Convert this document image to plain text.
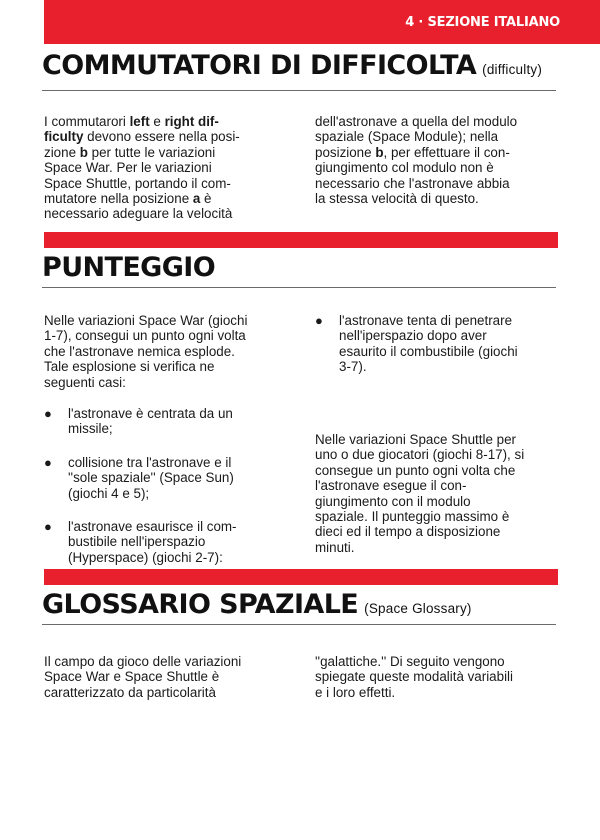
4 · SEZIONE ITALIANO
COMMUTATORI DI DIFFICOLTA (difficulty)

I commutarori left e right dif-
ficulty devono essere nella posi-
zione b per tutte le variazioni
Space War. Per le variazioni
Space Shuttle, portando il com-
mutatore nella posizione a è
necessario adeguare la velocità

dell'astronave a quella del modulo
spaziale (Space Module); nella
posizione b, per effettuare il con-
giungimento col modulo non è
necessario che l'astronave abbia
la stessa velocità di questo.

PUNTEGGIO

Nelle variazioni Space War (giochi
1-7), consegui un punto ogni volta
che l'astronave nemica esplode.
Tale esplosione si verifica ne
seguenti casi:

● l'astronave è centrata da un
missile;

● collisione tra l'astronave e il
''sole spaziale'' (Space Sun)
(giochi 4 e 5);

● l'astronave esaurisce il com-
bustibile nell'iperspazio
(Hyperspace) (giochi 2-7):

● l'astronave tenta di penetrare
nell'iperspazio dopo aver
esaurito il combustibile (giochi
3-7).

Nelle variazioni Space Shuttle per
uno o due giocatori (giochi 8-17), si
consegue un punto ogni volta che
l'astronave esegue il con-
giungimento con il modulo
spaziale. Il punteggio massimo è
dieci ed il tempo a disposizione
minuti.

GLOSSARIO SPAZIALE (Space Glossary)

Il campo da gioco delle variazioni
Space War e Space Shuttle è
caratterizzato da particolarità

''galattiche.'' Di seguito vengono
spiegate queste modalità variabili
e i loro effetti.
